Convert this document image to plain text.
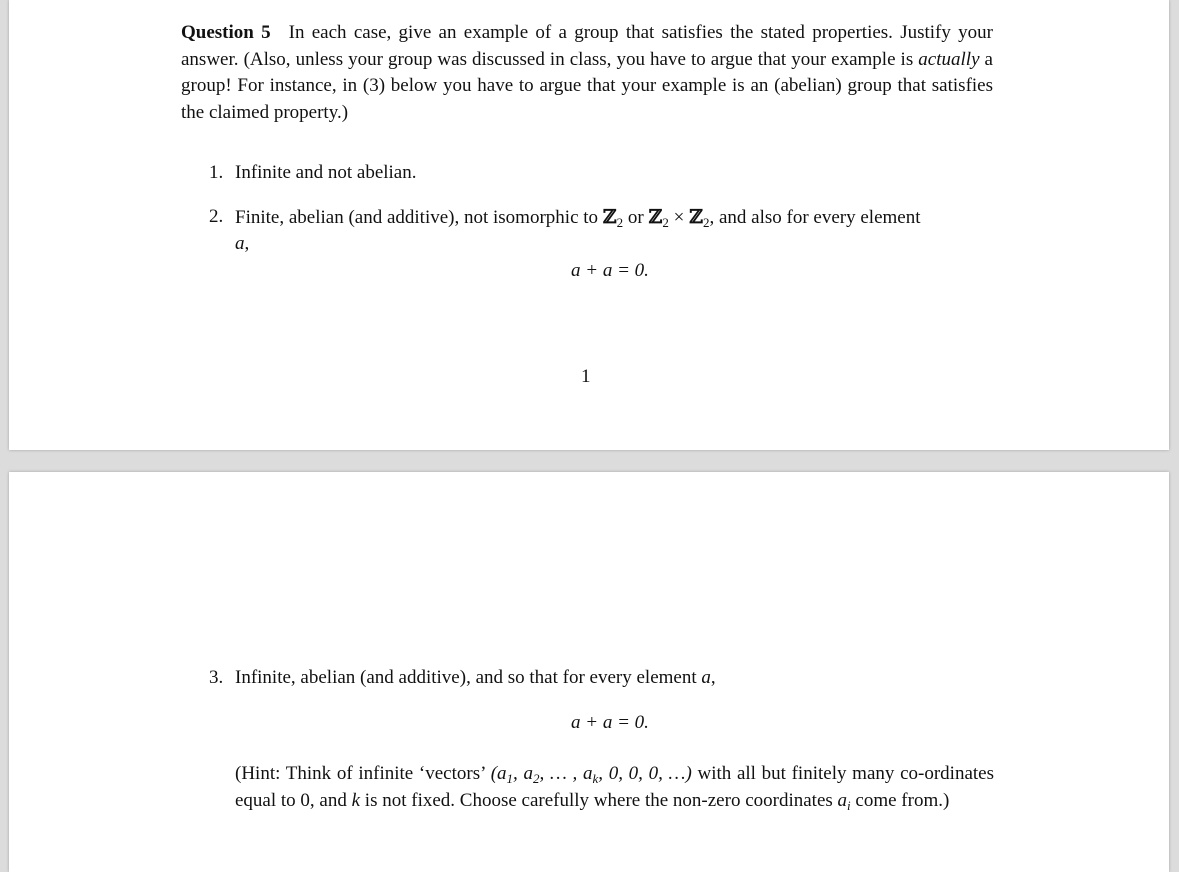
Question 5 In each case, give an example of a group that satisfies the stated properties. Justify your answer. (Also, unless your group was discussed in class, you have to argue that your example is actually a group! For instance, in (3) below you have to argue that your example is an (abelian) group that satisfies the claimed property.)
1. Infinite and not abelian.
2. Finite, abelian (and additive), not isomorphic to ℤ$_2$ or ℤ$_2$ × ℤ$_2$, and also for every element
a,
a + a = 0.
1
3. Infinite, abelian (and additive), and so that for every element a,
a + a = 0.
(Hint: Think of infinite ‘vectors’ ($a_1$, $a_2$, … , $a_k$, 0, 0, 0, …) with all but finitely many co-ordinates equal to 0, and k is not fixed. Choose carefully where the non-zero coordinates $a_i$ come from.)
